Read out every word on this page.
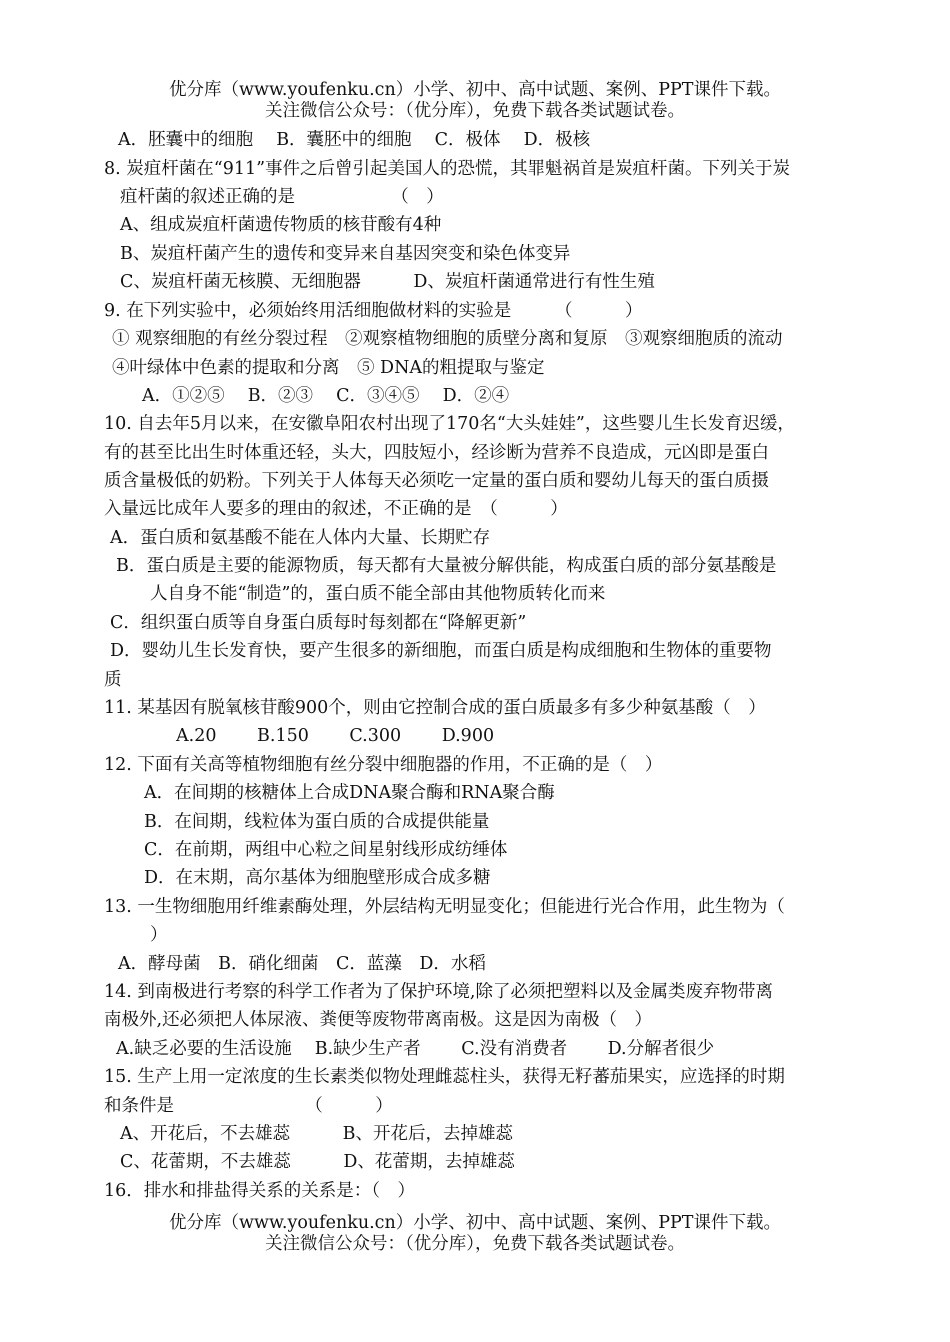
优分库（www.youfenku.cn）小学、初中、高中试题、案例、PPT课件下载。
关注微信公众号：（优分库），免费下载各类试题试卷。
A．胚囊中的细胞　 B．囊胚中的细胞　 C．极体　 D．极核
8. 炭疽杆菌在“911”事件之后曾引起美国人的恐慌，其罪魁祸首是炭疽杆菌。下列关于炭
疽杆菌的叙述正确的是　　　　　　（　）
A、组成炭疽杆菌遗传物质的核苷酸有4种
B、炭疽杆菌产生的遗传和变异来自基因突变和染色体变异
C、炭疽杆菌无核膜、无细胞器　　　D、炭疽杆菌通常进行有性生殖
9. 在下列实验中，必须始终用活细胞做材料的实验是　　　（　　　）
① 观察细胞的有丝分裂过程　②观察植物细胞的质壁分离和复原　③观察细胞质的流动
④叶绿体中色素的提取和分离　⑤ DNA的粗提取与鉴定
A．①②⑤　 B．②③　 C．③④⑤　 D．②④
10. 自去年5月以来，在安徽阜阳农村出现了170名“大头娃娃”，这些婴儿生长发育迟缓，
有的甚至比出生时体重还轻，头大，四肢短小，经诊断为营养不良造成，元凶即是蛋白
质含量极低的奶粉。下列关于人体每天必须吃一定量的蛋白质和婴幼儿每天的蛋白质摄
入量远比成年人要多的理由的叙述，不正确的是　（　　　）
A．蛋白质和氨基酸不能在人体内大量、长期贮存
B．蛋白质是主要的能源物质，每天都有大量被分解供能，构成蛋白质的部分氨基酸是
人自身不能“制造”的，蛋白质不能全部由其他物质转化而来
C．组织蛋白质等自身蛋白质每时每刻都在“降解更新”
D．婴幼儿生长发育快，要产生很多的新细胞，而蛋白质是构成细胞和生物体的重要物
质
11. 某基因有脱氧核苷酸900个，则由它控制合成的蛋白质最多有多少种氨基酸（　）
A.20　　 B.150　　 C.300　　 D.900
12. 下面有关高等植物细胞有丝分裂中细胞器的作用，不正确的是（　）
A．在间期的核糖体上合成DNA聚合酶和RNA聚合酶
B．在间期，线粒体为蛋白质的合成提供能量
C．在前期，两组中心粒之间星射线形成纺缍体
D．在末期，高尔基体为细胞壁形成合成多糖
13. 一生物细胞用纤维素酶处理，外层结构无明显变化；但能进行光合作用，此生物为（
）
A．酵母菌　B．硝化细菌　C．蓝藻　D．水稻
14. 到南极进行考察的科学工作者为了保护环境,除了必须把塑料以及金属类废弃物带离
南极外,还必须把人体尿液、粪便等废物带离南极。这是因为南极（　）
A.缺乏必要的生活设施　 B.缺少生产者　　 C.没有消费者　　 D.分解者很少
15. 生产上用一定浓度的生长素类似物处理雌蕊柱头，获得无籽蕃茄果实，应选择的时期
和条件是　　　　　　　　（　　　）
A、开花后，不去雄蕊　　　B、开花后，去掉雄蕊
C、花蕾期，不去雄蕊　　　D、花蕾期，去掉雄蕊
16．排水和排盐得关系的关系是：（　）
优分库（www.youfenku.cn）小学、初中、高中试题、案例、PPT课件下载。
关注微信公众号：（优分库），免费下载各类试题试卷。
